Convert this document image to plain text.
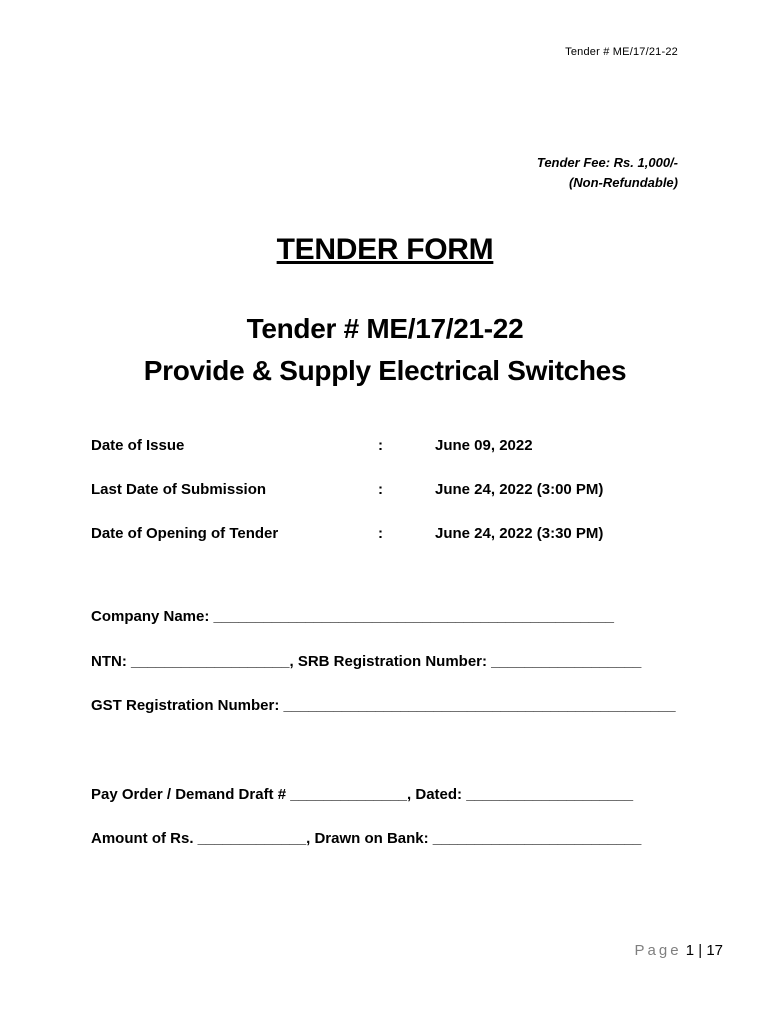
Tender # ME/17/21-22
Tender Fee: Rs. 1,000/-
(Non-Refundable)
TENDER FORM
Tender # ME/17/21-22
Provide & Supply Electrical Switches
Date of Issue	:	June 09, 2022
Last Date of Submission	:	June 24, 2022 (3:00 PM)
Date of Opening of Tender	:	June 24, 2022 (3:30 PM)
Company Name: ________________________________________________
NTN: ___________________, SRB Registration Number: __________________
GST Registration Number: _______________________________________________
Pay Order / Demand Draft # ______________, Dated: ____________________
Amount of Rs. _____________, Drawn on Bank: _________________________
Page 1 | 17
